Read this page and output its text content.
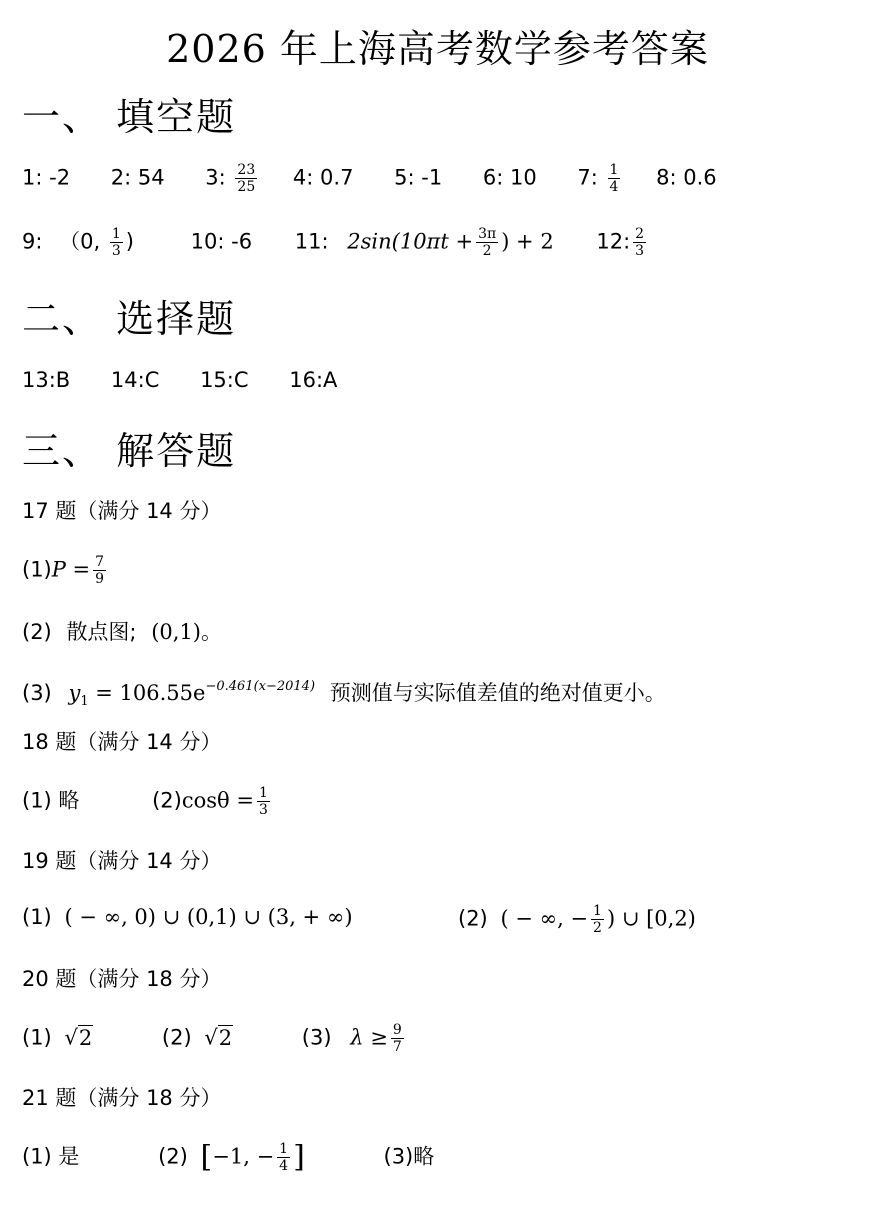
2026 年上海高考数学参考答案
一、 填空题
1: -2 2: 54 3: $\frac{23}{25} 4$: 0.7 5: -1 6: 10 7: $\frac{1}{4} 8$: 0.6
9: （0, $\frac{1}{3}$ )	10: -6 11: $2\sin(10\pi t + \frac{3\pi}{2}$ ) + 2 12: $\frac{2}{3}$
二、 选择题
13:B 14:C 15:C 16:A
三、 解答题
17 题（满分 14 分）
$(1)P = \frac{7}{9}$
(2) 散点图; (0,1)。
(3) $y_1 = 106.55e^{-0.461(x-2014)}$ 预测值与实际值差值的绝对值更小。
18 题（满分 14 分）
(1) 略	$(2)\cos\theta = \frac{1}{3}$
19 题（满分 14 分）
(1) ( − ∞, 0) ∪ (0,1) ∪ (3, + ∞)	(2) ( − ∞, − $\frac{1}{2}$ ) ∪ [0,2)
20 题（满分 18 分）
(1) √2	(2) √2	(3) $\lambda \ge \frac{9}{7}$
21 题（满分 18 分）
(1) 是	(2) [−1, − $\frac{1}{4}$ ]	(3)略
